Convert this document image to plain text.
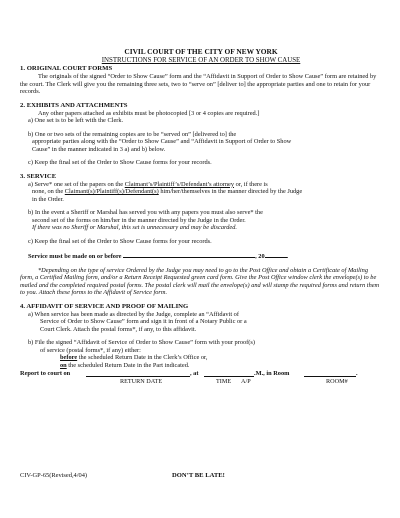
CIVIL COURT OF THE CITY OF NEW YORK
INSTRUCTIONS FOR SERVICE OF AN ORDER TO SHOW CAUSE
1. ORIGINAL COURT FORMS

The originals of the signed “Order to Show Cause” form and the “Affidavit in Support of Order to Show Cause” form are retained by the court. The Clerk will give you the remaining three sets, two to “serve on” [deliver to] the appropriate parties and one to retain for your records.

2. EXHIBITS AND ATTACHMENTS

Any other papers attached as exhibits must be photocopied [3 or 4 copies are required.]

a) One set is to be left with the Clerk.

b) One or two sets of the remaining copies are to be “served on” [delivered to] the

appropriate parties along with the “Order to Show Cause” and “Affidavit in Support of Order to Show

Cause” in the manner indicated in 3 a) and b) below.

c) Keep the final set of the Order to Show Cause forms for your records.

3. SERVICE

a) Serve* one set of the papers on the Claimant’s/Plaintiff’s/Defendant’s attorney or, if there is

none, on the Claimant(s)/Plaintiff(s)/Defendant(s) him/her/themselves in the manner directed by the Judge

in the Order.

b) In the event a Sheriff or Marshal has served you with any papers you must also serve* the

second set of the forms on him/her in the manner directed by the Judge in the Order.

If there was no Sheriff or Marshal, this set is unnecessary and may be discarded.

c) Keep the final set of the Order to Show Cause forms for your records.

Service must be made on or before	, 20	.

*Depending on the type of service Ordered by the Judge you may need to go to the Post Office and obtain a Certificate of Mailing form, a Certified Mailing form, and/or a Return Receipt Requested green card form. Give the Post Office window clerk the envelope(s) to be mailed and the completed required postal forms. The postal clerk will mail the envelope(s) and will stamp the required forms and return them to you. Attach these forms to the Affidavit of Service form.

4. AFFIDAVIT OF SERVICE AND PROOF OF MAILING

a) When service has been made as directed by the Judge, complete an “Affidavit of

Service of Order to Show Cause” form and sign it in front of a Notary Public or a

Court Clerk. Attach the postal forms*, if any, to this affidavit.

b) File the signed “Affidavit of Service of Order to Show Cause” form with your proof(s)

of service (postal forms*, if any) either:

before the scheduled Return Date in the Clerk’s Office or,

on the scheduled Return Date in the Part indicated.

Report to court on	, at	.M., in Room	.
RETURN DATE	TIME A/P	ROOM#
CIV-GP-65(Revised,4/04)	DON’T BE LATE!
